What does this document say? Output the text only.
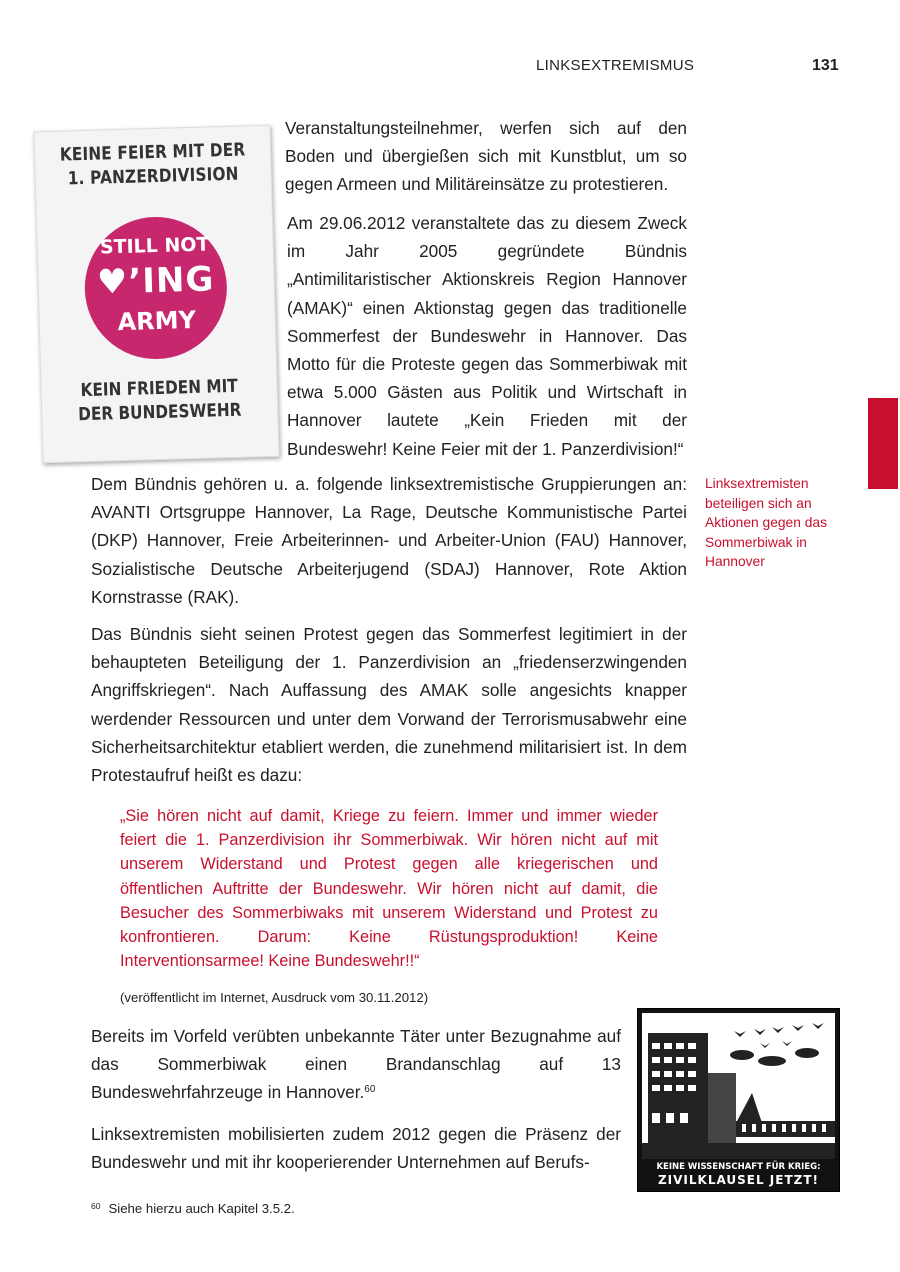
LINKSEXTREMISMUS	131
KEINE FEIER MIT DER
1. PANZERDIVISION
STILL NOT
♥’ING
ARMY
KEIN FRIEDEN MIT
DER BUNDESWEHR

Veranstaltungsteilnehmer, werfen sich auf den Boden und übergießen sich mit Kunstblut, um so gegen Armeen und Militäreinsätze zu protestieren.

Am 29.06.2012 veranstaltete das zu diesem Zweck im Jahr 2005 gegründete Bündnis „Antimilitaristischer Aktionskreis Region Hannover (AMAK)“ einen Aktionstag gegen das traditionelle Sommerfest der Bundeswehr in Hannover. Das Motto für die Proteste gegen das Sommerbiwak mit etwa 5.000 Gästen aus Politik und Wirtschaft in Hannover lautete „Kein Frieden mit der Bundeswehr! Keine Feier mit der 1. Panzerdivision!“

Dem Bündnis gehören u. a. folgende linksextremistische Gruppierungen an: AVANTI Ortsgruppe Hannover, La Rage, Deutsche Kommunistische Partei (DKP) Hannover, Freie Arbeiterinnen- und Arbeiter-Union (FAU) Hannover, Sozialistische Deutsche Arbeiterjugend (SDAJ) Hannover, Rote Aktion Kornstrasse (RAK).

Das Bündnis sieht seinen Protest gegen das Sommerfest legitimiert in der behaupteten Beteiligung der 1. Panzerdivision an „friedenserzwingenden Angriffskriegen“. Nach Auffassung des AMAK solle angesichts knapper werdender Ressourcen und unter dem Vorwand der Terrorismusabwehr eine Sicherheitsarchitektur etabliert werden, die zunehmend militarisiert ist. In dem Protestaufruf heißt es dazu:

Linksextremisten beteiligen sich an Aktionen gegen das Sommerbiwak in Hannover
„Sie hören nicht auf damit, Kriege zu feiern. Immer und immer wieder feiert die 1. Panzerdivision ihr Sommerbiwak. Wir hören nicht auf mit unserem Widerstand und Protest gegen alle kriegerischen und öffentlichen Auftritte der Bundeswehr. Wir hören nicht auf damit, die Besucher des Sommerbiwaks mit unserem Widerstand und Protest zu konfrontieren. Darum: Keine Rüstungsproduktion! Keine Interventionsarmee! Keine Bundeswehr!!“
(veröffentlicht im Internet, Ausdruck vom 30.11.2012)

Bereits im Vorfeld verübten unbekannte Täter unter Bezugnahme auf das Sommerbiwak einen Brandanschlag auf 13 Bundeswehrfahrzeuge in Hannover.$^{60}$

Linksextremisten mobilisierten zudem 2012 gegen die Präsenz der Bundeswehr und mit ihr kooperierender Unternehmen auf Berufs-	KEINE WISSENSCHAFT FÜR KRIEG:
ZIVILKLAUSEL JETZT!
$^{60}$ Siehe hierzu auch Kapitel 3.5.2.
